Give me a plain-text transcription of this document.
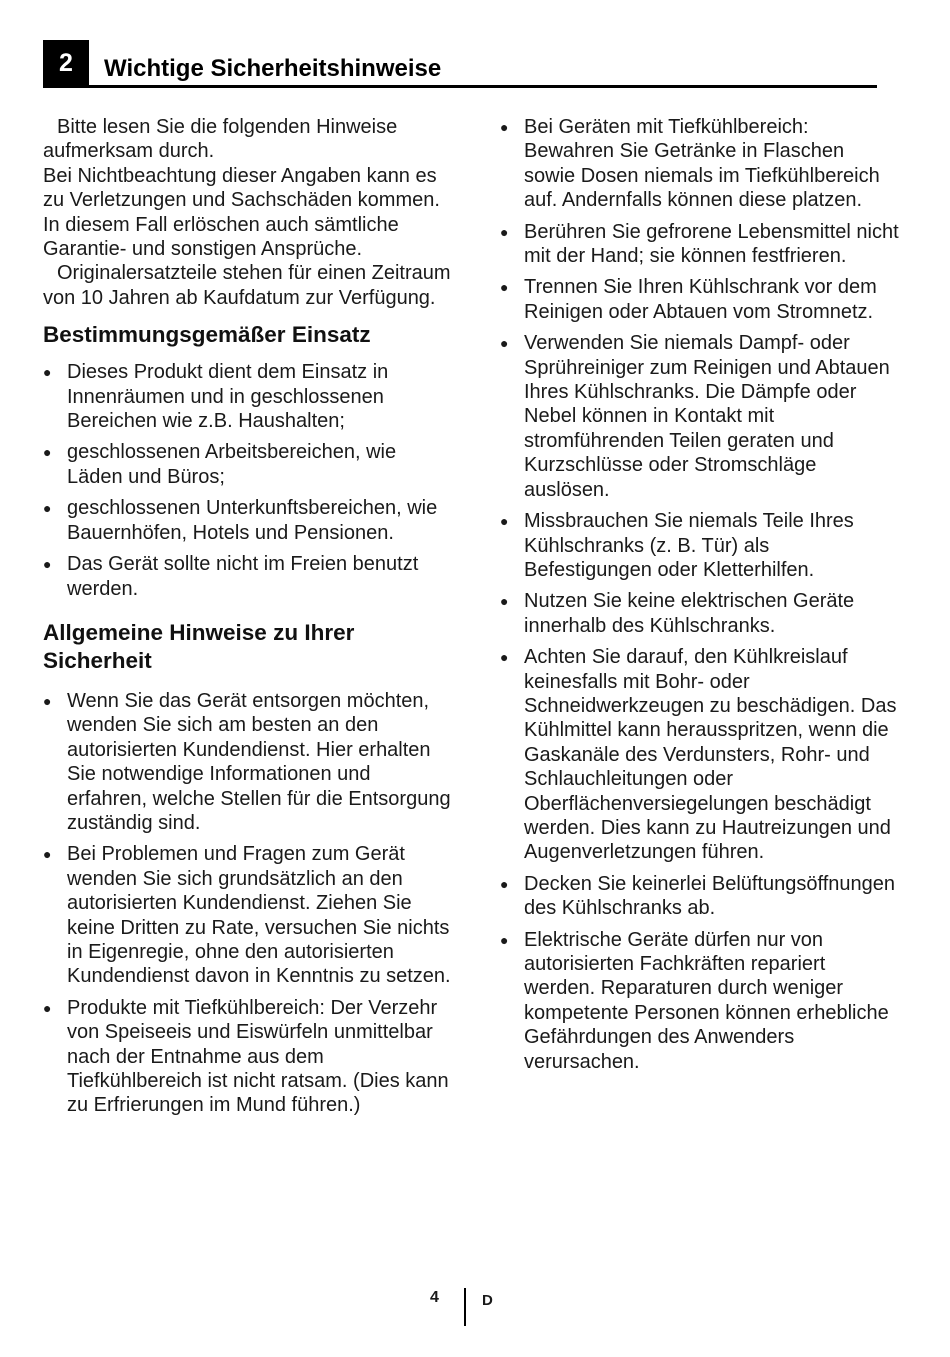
2	Wichtige Sicherheitshinweise

Bitte lesen Sie die folgenden Hinweise aufmerksam durch.

Bei Nichtbeachtung dieser Angaben kann es zu Verletzungen und Sachschäden kommen.

In diesem Fall erlöschen auch sämtliche Garantie- und sonstigen Ansprüche.

Originalersatzteile stehen für einen Zeitraum von 10 Jahren ab Kaufdatum zur Verfügung.

Bestimmungsgemäßer Einsatz
● Dieses Produkt dient dem Einsatz in Innenräumen und in geschlossenen Bereichen wie z.B. Haushalten;
● geschlossenen Arbeitsbereichen, wie Läden und Büros;
● geschlossenen Unterkunftsbereichen, wie Bauernhöfen, Hotels und Pensionen.
● Das Gerät sollte nicht im Freien benutzt werden.
Allgemeine Hinweise zu Ihrer
Sicherheit
● Wenn Sie das Gerät entsorgen möchten, wenden Sie sich am besten an den autorisierten Kundendienst. Hier erhalten Sie notwendige Informationen und erfahren, welche Stellen für die Entsorgung zuständig sind.
● Bei Problemen und Fragen zum Gerät wenden Sie sich grundsätzlich an den autorisierten Kundendienst. Ziehen Sie keine Dritten zu Rate, versuchen Sie nichts in Eigenregie, ohne den autorisierten Kundendienst davon in Kenntnis zu setzen.
● Produkte mit Tiefkühlbereich: Der Verzehr von Speiseeis und Eiswürfeln unmittelbar nach der Entnahme aus dem Tiefkühlbereich ist nicht ratsam. (Dies kann zu Erfrierungen im Mund führen.)
● Bei Geräten mit Tiefkühlbereich: Bewahren Sie Getränke in Flaschen sowie Dosen niemals im Tiefkühlbereich auf. Andernfalls können diese platzen.
● Berühren Sie gefrorene Lebensmittel nicht mit der Hand; sie können festfrieren.
● Trennen Sie Ihren Kühlschrank vor dem Reinigen oder Abtauen vom Stromnetz.
● Verwenden Sie niemals Dampf- oder Sprühreiniger zum Reinigen und Abtauen Ihres Kühlschranks. Die Dämpfe oder Nebel können in Kontakt mit stromführenden Teilen geraten und Kurzschlüsse oder Stromschläge auslösen.
● Missbrauchen Sie niemals Teile Ihres Kühlschranks (z. B. Tür) als Befestigungen oder Kletterhilfen.
● Nutzen Sie keine elektrischen Geräte innerhalb des Kühlschranks.
● Achten Sie darauf, den Kühlkreislauf keinesfalls mit Bohr- oder Schneidwerkzeugen zu beschädigen. Das Kühlmittel kann herausspritzen, wenn die Gaskanäle des Verdunsters, Rohr- und Schlauchleitungen oder Oberflächenversiegelungen beschädigt werden. Dies kann zu Hautreizungen und Augenverletzungen führen.
● Decken Sie keinerlei Belüftungsöffnungen des Kühlschranks ab.
● Elektrische Geräte dürfen nur von autorisierten Fachkräften repariert werden. Reparaturen durch weniger kompetente Personen können erhebliche Gefährdungen des Anwenders verursachen.
4	D
